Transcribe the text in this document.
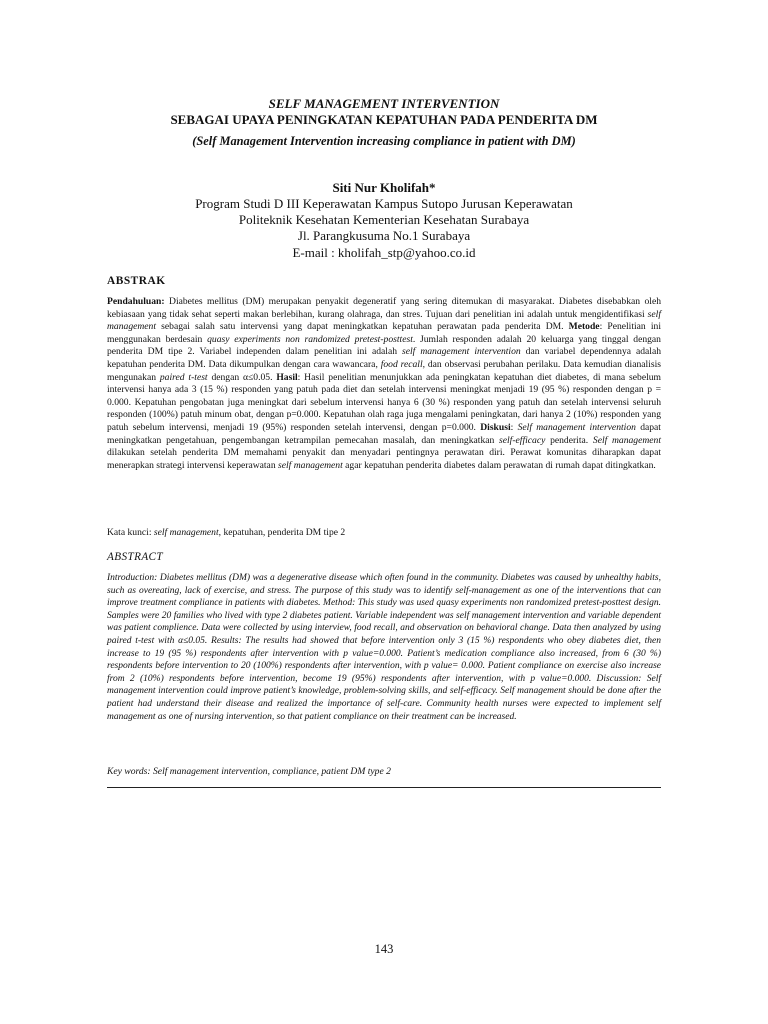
SELF MANAGEMENT INTERVENTION
SEBAGAI UPAYA PENINGKATAN KEPATUHAN PADA PENDERITA DM
(Self Management Intervention increasing compliance in patient with DM)
Siti Nur Kholifah*
Program Studi D III Keperawatan Kampus Sutopo Jurusan Keperawatan
Politeknik Kesehatan Kementerian Kesehatan Surabaya
Jl. Parangkusuma No.1 Surabaya
E-mail : kholifah_stp@yahoo.co.id
ABSTRAK
Pendahuluan: Diabetes mellitus (DM) merupakan penyakit degeneratif yang sering ditemukan di masyarakat. Diabetes disebabkan oleh kebiasaan yang tidak sehat seperti makan berlebihan, kurang olahraga, dan stres. Tujuan dari penelitian ini adalah untuk mengidentifikasi self management sebagai salah satu intervensi yang dapat meningkatkan kepatuhan perawatan pada penderita DM. Metode: Penelitian ini menggunakan berdesain quasy experiments non randomized pretest-posttest. Jumlah responden adalah 20 keluarga yang tinggal dengan penderita DM tipe 2. Variabel independen dalam penelitian ini adalah self management intervention dan variabel dependennya adalah kepatuhan penderita DM. Data dikumpulkan dengan cara wawancara, food recall, dan observasi perubahan perilaku. Data kemudian dianalisis mengunakan paired t-test dengan α≤0.05. Hasil: Hasil penelitian menunjukkan ada peningkatan kepatuhan diet diabetes, di mana sebelum intervensi hanya ada 3 (15 %) responden yang patuh pada diet dan setelah intervensi meningkat menjadi 19 (95 %) responden dengan p = 0.000. Kepatuhan pengobatan juga meningkat dari sebelum intervensi hanya 6 (30 %) responden yang patuh dan setelah intervensi seluruh responden (100%) patuh minum obat, dengan p=0.000. Kepatuhan olah raga juga mengalami peningkatan, dari hanya 2 (10%) responden yang patuh sebelum intervensi, menjadi 19 (95%) responden setelah intervensi, dengan p=0.000. Diskusi: Self management intervention dapat meningkatkan pengetahuan, pengembangan ketrampilan pemecahan masalah, dan meningkatkan self-efficacy penderita. Self management dilakukan setelah penderita DM memahami penyakit dan menyadari pentingnya perawatan diri. Perawat komunitas diharapkan dapat menerapkan strategi intervensi keperawatan self management agar kepatuhan penderita diabetes dalam perawatan di rumah dapat ditingkatkan.
Kata kunci: self management, kepatuhan, penderita DM tipe 2
ABSTRACT
Introduction: Diabetes mellitus (DM) was a degenerative disease which often found in the community. Diabetes was caused by unhealthy habits, such as overeating, lack of exercise, and stress. The purpose of this study was to identify self-management as one of the interventions that can improve treatment compliance in patients with diabetes. Method: This study was used quasy experiments non randomized pretest-posttest design. Samples were 20 families who lived with type 2 diabetes patient. Variable independent was self management intervention and variable dependent was patient complience. Data were collected by using interview, food recall, and observation on behavioral change. Data then analyzed by using paired t-test with α≤0.05. Results: The results had showed that before intervention only 3 (15 %) respondents who obey diabetes diet, then increase to 19 (95 %) respondents after intervention with p value=0.000. Patient’s medication compliance also increased, from 6 (30 %) respondents before intervention to 20 (100%) respondents after intervention, with p value= 0.000. Patient compliance on exercise also increase from 2 (10%) respondents before intervention, become 19 (95%) respondents after intervention, with p value=0.000. Discussion: Self management intervention could improve patient’s knowledge, problem-solving skills, and self-efficacy. Self management should be done after the patient had understand their disease and realized the importance of self-care. Community health nurses were expected to implement self management as one of nursing intervention, so that patient compliance on their treatment can be increased.
Key words: Self management intervention, compliance, patient DM type 2
143
